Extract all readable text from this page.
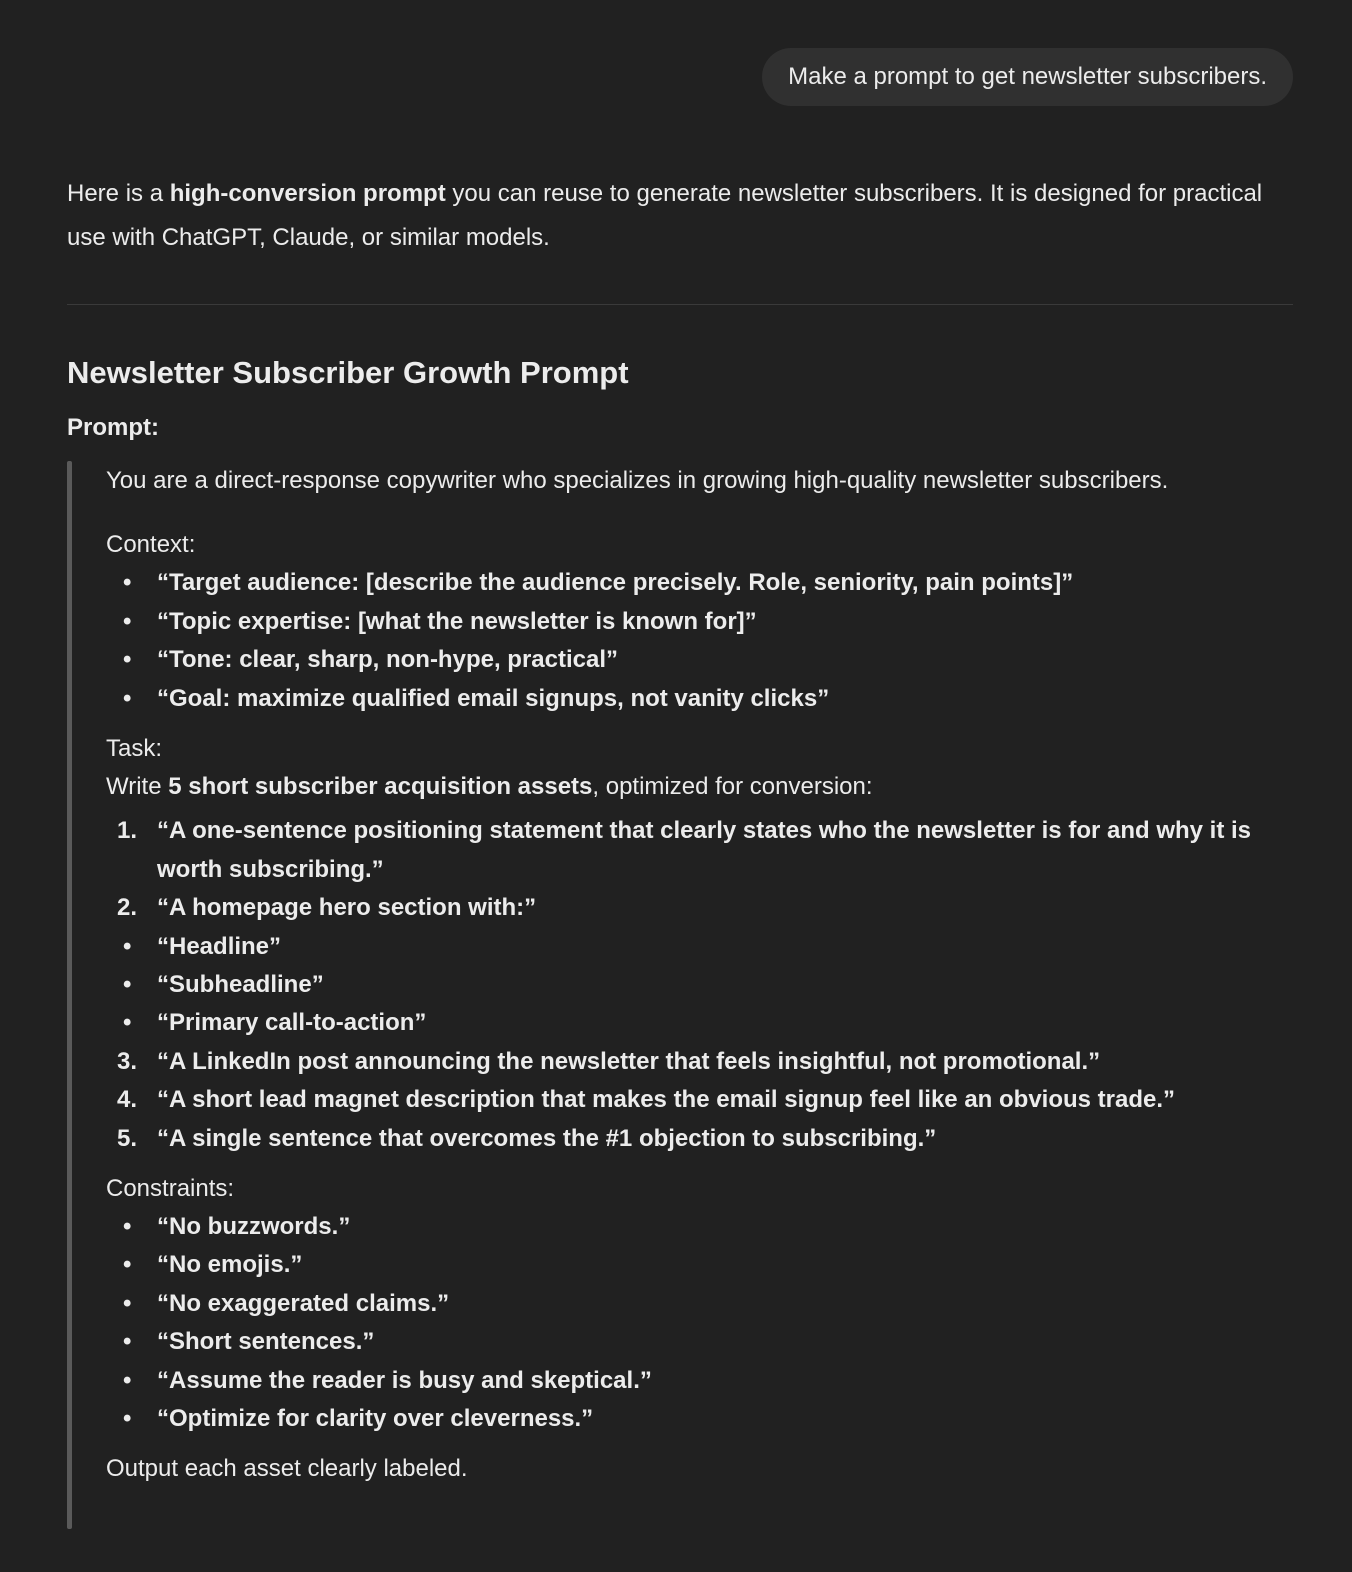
Make a prompt to get newsletter subscribers.

Here is a high-conversion prompt you can reuse to generate newsletter subscribers. It is designed for practical use with ChatGPT, Claude, or similar models.

Newsletter Subscriber Growth Prompt

Prompt:

You are a direct-response copywriter who specializes in growing high-quality newsletter subscribers.

Context:

• “Target audience: [describe the audience precisely. Role, seniority, pain points]”
• “Topic expertise: [what the newsletter is known for]”
• “Tone: clear, sharp, non-hype, practical”
• “Goal: maximize qualified email signups, not vanity clicks”

Task:

Write 5 short subscriber acquisition assets, optimized for conversion:

1. “A one-sentence positioning statement that clearly states who the newsletter is for and why it is worth subscribing.”
2. “A homepage hero section with:”
• “Headline”
• “Subheadline”
• “Primary call-to-action”
3. “A LinkedIn post announcing the newsletter that feels insightful, not promotional.”
4. “A short lead magnet description that makes the email signup feel like an obvious trade.”
5. “A single sentence that overcomes the #1 objection to subscribing.”

Constraints:

• “No buzzwords.”
• “No emojis.”
• “No exaggerated claims.”
• “Short sentences.”
• “Assume the reader is busy and skeptical.”
• “Optimize for clarity over cleverness.”

Output each asset clearly labeled.
